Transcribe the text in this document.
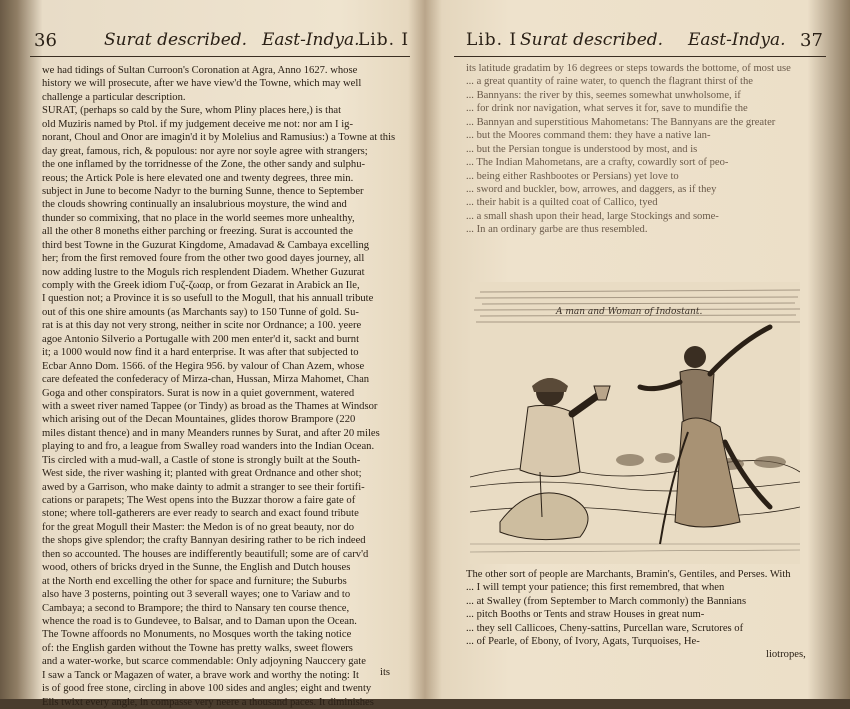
36	Surat described. East-Indya.
Lib. I
we had tidings of Sultan Curroon's Coronation at Agra, Anno 1627. whose
history we will prosecute, after we have view'd the Towne, which may well
challenge a particular description.
SURAT, (perhaps so cald by the Sure, whom Pliny places here,) is that
old Muziris named by Ptol. if my judgement deceive me not: nor am I ig-
norant, Choul and Onor are imagin'd it by Molelius and Ramusius:) a Towne at this
day great, famous, rich, & populous: nor ayre nor soyle agree with strangers;
the one inflamed by the torridnesse of the Zone, the other sandy and sulphu-
reous; the Artick Pole is here elevated one and twenty degrees, three min.
subject in June to become Nadyr to the burning Sunne, thence to September
the clouds showring continually an insalubrious moysture, the wind and
thunder so commixing, that no place in the world seemes more unhealthy,
all the other 8 moneths either parching or freezing. Surat is accounted the
third best Towne in the Guzurat Kingdome, Amadavad & Cambaya excelling
her; from the first removed foure from the other two good dayes journey, all
now adding lustre to the Moguls rich resplendent Diadem. Whether Guzurat
comply with the Greek idiom Γυζ-ζωαρ, or from Gezarat in Arabick an Ile,
I question not; a Province it is so usefull to the Mogull, that his annuall tribute
out of this one shire amounts (as Marchants say) to 150 Tunne of gold. Su-
rat is at this day not very strong, neither in scite nor Ordnance; a 100. yeere
agoe Antonio Silverio a Portugalle with 200 men enter'd it, sackt and burnt
it; a 1000 would now find it a hard enterprise. It was after that subjected to
Ecbar Anno Dom. 1566. of the Hegira 956. by valour of Chan Azem, whose
care defeated the confederacy of Mirza-chan, Hussan, Mirza Mahomet, Chan
Goga and other conspirators. Surat is now in a quiet government, watered
with a sweet river named Tappee (or Tindy) as broad as the Thames at Windsor
which arising out of the Decan Mountaines, glides thorow Brampore (220
miles distant thence) and in many Meanders runnes by Surat, and after 20 miles
playing to and fro, a league from Swalley road wanders into the Indian Ocean.
Tis circled with a mud-wall, a Castle of stone is strongly built at the South-
West side, the river washing it; planted with great Ordnance and other shot;
awed by a Garrison, who make dainty to admit a stranger to see their fortifi-
cations or parapets; The West opens into the Buzzar thorow a faire gate of
stone; where toll-gatherers are ever ready to search and exact found tribute
for the great Mogull their Master: the Medon is of no great beauty, nor do
the shops give splendor; the crafty Bannyan desiring rather to be rich indeed
then so accounted. The houses are indifferently beautifull; some are of carv'd
wood, others of bricks dryed in the Sunne, the English and Dutch houses
at the North end excelling the other for space and furniture; the Suburbs
also have 3 posterns, pointing out 3 severall wayes; one to Variaw and to
Cambaya; a second to Brampore; the third to Nansary ten course thence,
whence the road is to Gundevee, to Balsar, and to Daman upon the Ocean.
The Towne affoords no Monuments, no Mosques worth the taking notice
of: the English garden without the Towne has pretty walks, sweet flowers
and a water-worke, but scarce commendable: Only adjoyning Nauccery gate
I saw a Tanck or Magazen of water, a brave work and worthy the noting: It
is of good free stone, circling in above 100 sides and angles; eight and twenty
Ells twixt every angle, in compasse very neere a thousand paces. It diminishes
its
Lib. I Surat described. East-Indya. 37
its latitude gradatim by 16 degrees or steps towards the bottome, of most use
... a great quantity of raine water, to quench the flagrant thirst of the
... Bannyans: the river by this, seemes somewhat unwholsome, if
... for drink nor navigation, what serves it for, save to mundifie the
... Bannyan and superstitious Mahometans: The Bannyans are the greater
... but the Moores command them: they have a native lan-
... but the Persian tongue is understood by most, and is
... The Indian Mahometans, are a crafty, cowardly sort of peo-
... being either Rashbootes or Persians) yet love to
... sword and buckler, bow, arrowes, and daggers, as if they
... their habit is a quilted coat of Callico, tyed
... a small shash upon their head, large Stockings and some-
... In an ordinary garbe are thus resembled.
A man and Woman of Indostant.
The other sort of people are Marchants, Bramin's, Gentiles, and Perses. With
... I will tempt your patience; this first remembred, that when
... at Swalley (from September to March commonly) the Bannians
... pitch Booths or Tents and straw Houses in great num-
... they sell Callicoes, Cheny-sattins, Purcellan ware, Scrutores of
... of Pearle, of Ebony, of Ivory, Agats, Turquoises, He-
liotropes,
